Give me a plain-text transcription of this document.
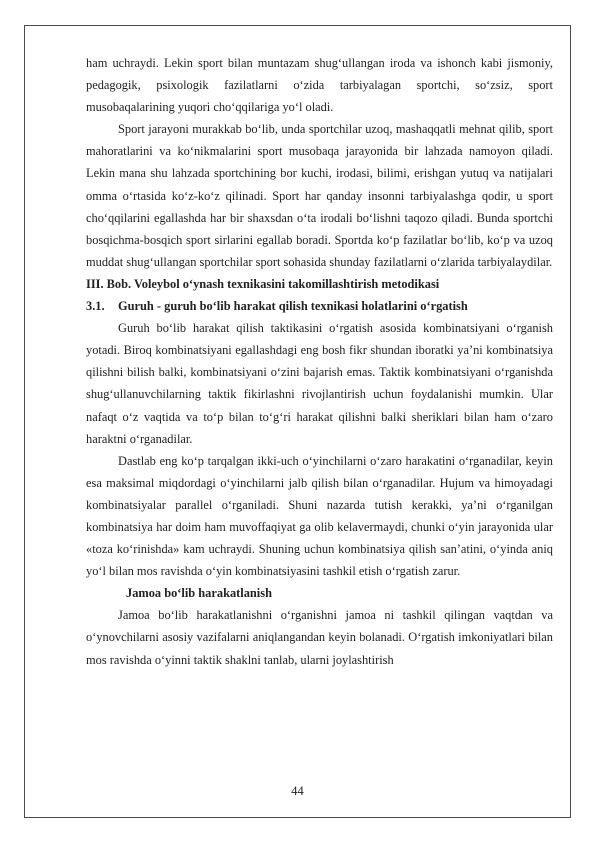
ham uchraydi. Lekin sport bilan muntazam shug‘ullangan iroda va ishonch kabi jismoniy, pedagogik, psixologik fazilatlarni o‘zida tarbiyalagan sportchi, so‘zsiz, sport musobaqalarining yuqori cho‘qqilariga yo‘l oladi.

Sport jarayoni murakkab bo‘lib, unda sportchilar uzoq, mashaqqatli mehnat qilib, sport mahoratlarini va ko‘nikmalarini sport musobaqa jarayonida bir lahzada namoyon qiladi. Lekin mana shu lahzada sportchining bor kuchi, irodasi, bilimi, erishgan yutuq va natijalari omma o‘rtasida ko‘z-ko‘z qilinadi. Sport har qanday insonni tarbiyalashga qodir, u sport cho‘qqilarini egallashda har bir shaxsdan o‘ta irodali bo‘lishni taqozo qiladi. Bunda sportchi bosqichma-bosqich sport sirlarini egallab boradi. Sportda ko‘p fazilatlar bo‘lib, ko‘p va uzoq muddat shug‘ullangan sportchilar sport sohasida shunday fazilatlarni o‘zlarida tarbiyalaydilar.

III. Bob. Voleybol o‘ynash texnikasini takomillashtirish metodikasi

3.1. Guruh - guruh bo‘lib harakat qilish texnikasi holatlarini o‘rgatish

Guruh bo‘lib harakat qilish taktikasini o‘rgatish asosida kombinatsiyani o‘rganish yotadi. Biroq kombinatsiyani egallashdagi eng bosh fikr shundan iboratki ya’ni kombinatsiya qilishni bilish balki, kombinatsiyani o‘zini bajarish emas. Taktik kombinatsiyani o‘rganishda shug‘ullanuvchilarning taktik fikirlashni rivojlantirish uchun foydalanishi mumkin. Ular nafaqt o‘z vaqtida va to‘p bilan to‘g‘ri harakat qilishni balki sheriklari bilan ham o‘zaro haraktni o‘rganadilar.

Dastlab eng ko‘p tarqalgan ikki-uch o‘yinchilarni o‘zaro harakatini o‘rganadilar, keyin esa maksimal miqdordagi o‘yinchilarni jalb qilish bilan o‘rganadilar. Hujum va himoyadagi kombinatsiyalar parallel o‘rganiladi. Shuni nazarda tutish kerakki, ya’ni o‘rganilgan kombinatsiya har doim ham muvoffaqiyat ga olib kelavermaydi, chunki o‘yin jarayonida ular «toza ko‘rinishda» kam uchraydi. Shuning uchun kombinatsiya qilish san’atini, o‘yinda aniq yo‘l bilan mos ravishda o‘yin kombinatsiyasini tashkil etish o‘rgatish zarur.

Jamoa bo‘lib harakatlanish

Jamoa bo‘lib harakatlanishni o‘rganishni jamoa ni tashkil qilingan vaqtdan va o‘ynovchilarni asosiy vazifalarni aniqlangandan keyin bolanadi. O‘rgatish imkoniyatlari bilan mos ravishda o‘yinni taktik shaklni tanlab, ularni joylashtirish

44
